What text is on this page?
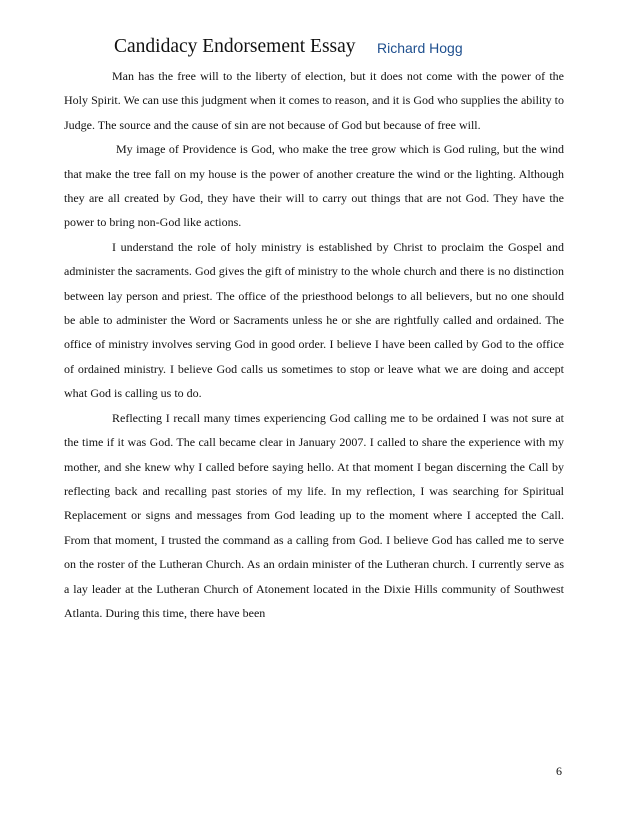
Candidacy Endorsement Essay Richard Hogg

Man has the free will to the liberty of election, but it does not come with the power of the Holy Spirit. We can use this judgment when it comes to reason, and it is God who supplies the ability to Judge. The source and the cause of sin are not because of God but because of free will.

My image of Providence is God, who make the tree grow which is God ruling, but the wind that make the tree fall on my house is the power of another creature the wind or the lighting. Although they are all created by God, they have their will to carry out things that are not God. They have the power to bring non-God like actions.

I understand the role of holy ministry is established by Christ to proclaim the Gospel and administer the sacraments. God gives the gift of ministry to the whole church and there is no distinction between lay person and priest. The office of the priesthood belongs to all believers, but no one should be able to administer the Word or Sacraments unless he or she are rightfully called and ordained. The office of ministry involves serving God in good order. I believe I have been called by God to the office of ordained ministry. I believe God calls us sometimes to stop or leave what we are doing and accept what God is calling us to do.

Reflecting I recall many times experiencing God calling me to be ordained I was not sure at the time if it was God. The call became clear in January 2007. I called to share the experience with my mother, and she knew why I called before saying hello. At that moment I began discerning the Call by reflecting back and recalling past stories of my life. In my reflection, I was searching for Spiritual Replacement or signs and messages from God leading up to the moment where I accepted the Call. From that moment, I trusted the command as a calling from God. I believe God has called me to serve on the roster of the Lutheran Church. As an ordain minister of the Lutheran church. I currently serve as a lay leader at the Lutheran Church of Atonement located in the Dixie Hills community of Southwest Atlanta. During this time, there have been

6
